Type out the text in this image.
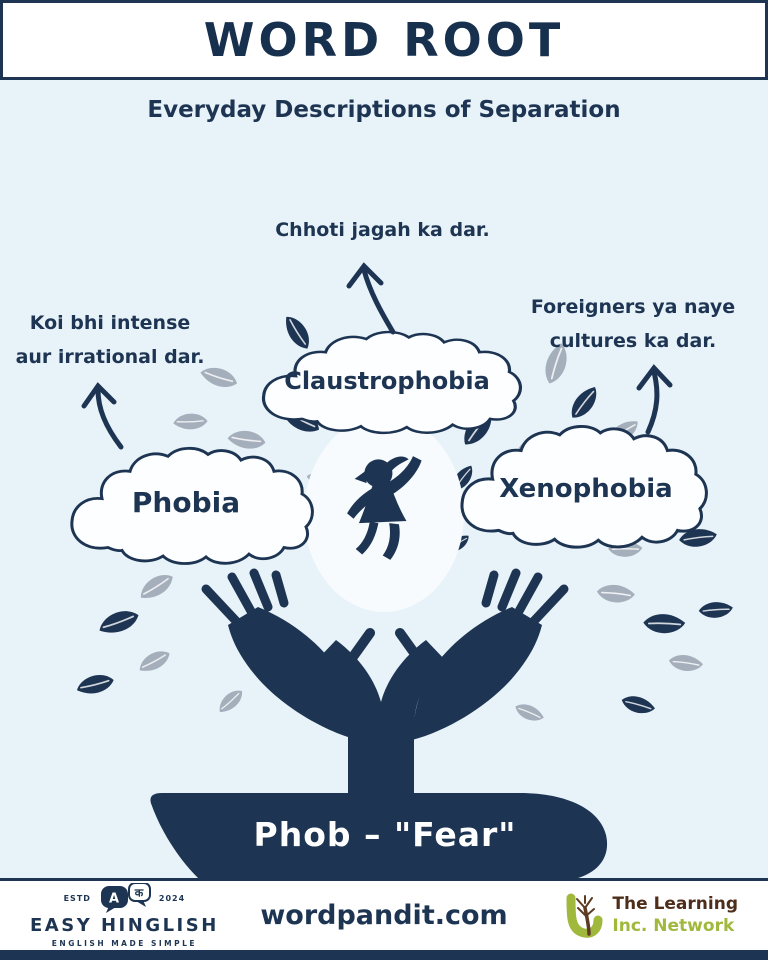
WORD ROOT
Everyday Descriptions of Separation
Koi bhi intense
aur irrational dar.
Chhoti jagah ka dar.
Foreigners ya naye
cultures ka dar.
Claustrophobia
Phobia	Xenophobia
Phob – "Fear"
ESTD A क 2024
EASY HINGLISH
ENGLISH MADE SIMPLE
wordpandit.com	The Learning
Inc. Network
